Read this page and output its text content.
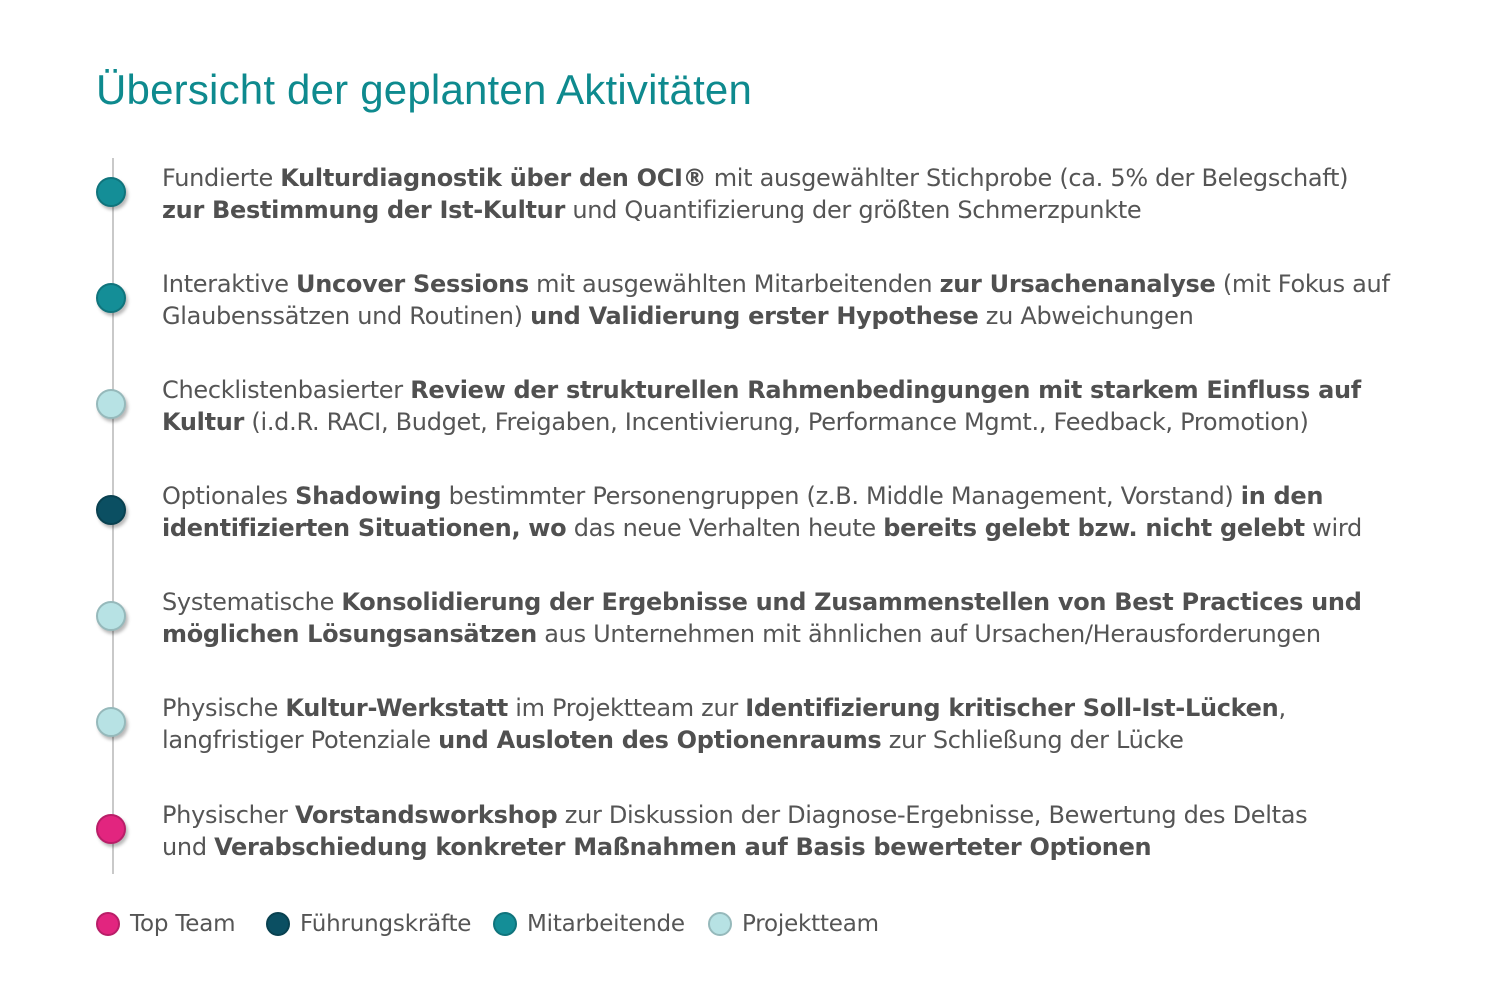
Übersicht der geplanten Aktivitäten
Fundierte Kulturdiagnostik über den OCI® mit ausgewählter Stichprobe (ca. 5% der Belegschaft)
zur Bestimmung der Ist-Kultur und Quantifizierung der größten Schmerzpunkte
Interaktive Uncover Sessions mit ausgewählten Mitarbeitenden zur Ursachenanalyse (mit Fokus auf
Glaubenssätzen und Routinen) und Validierung erster Hypothese zu Abweichungen
Checklistenbasierter Review der strukturellen Rahmenbedingungen mit starkem Einfluss auf
Kultur (i.d.R. RACI, Budget, Freigaben, Incentivierung, Performance Mgmt., Feedback, Promotion)
Optionales Shadowing bestimmter Personengruppen (z.B. Middle Management, Vorstand) in den
identifizierten Situationen, wo das neue Verhalten heute bereits gelebt bzw. nicht gelebt wird
Systematische Konsolidierung der Ergebnisse und Zusammenstellen von Best Practices und
möglichen Lösungsansätzen aus Unternehmen mit ähnlichen auf Ursachen/Herausforderungen
Physische Kultur-Werkstatt im Projektteam zur Identifizierung kritischer Soll-Ist-Lücken,
langfristiger Potenziale und Ausloten des Optionenraums zur Schließung der Lücke
Physischer Vorstandsworkshop zur Diskussion der Diagnose-Ergebnisse, Bewertung des Deltas
und Verabschiedung konkreter Maßnahmen auf Basis bewerteter Optionen
Top Team	Führungskräfte Mitarbeitende Projektteam
